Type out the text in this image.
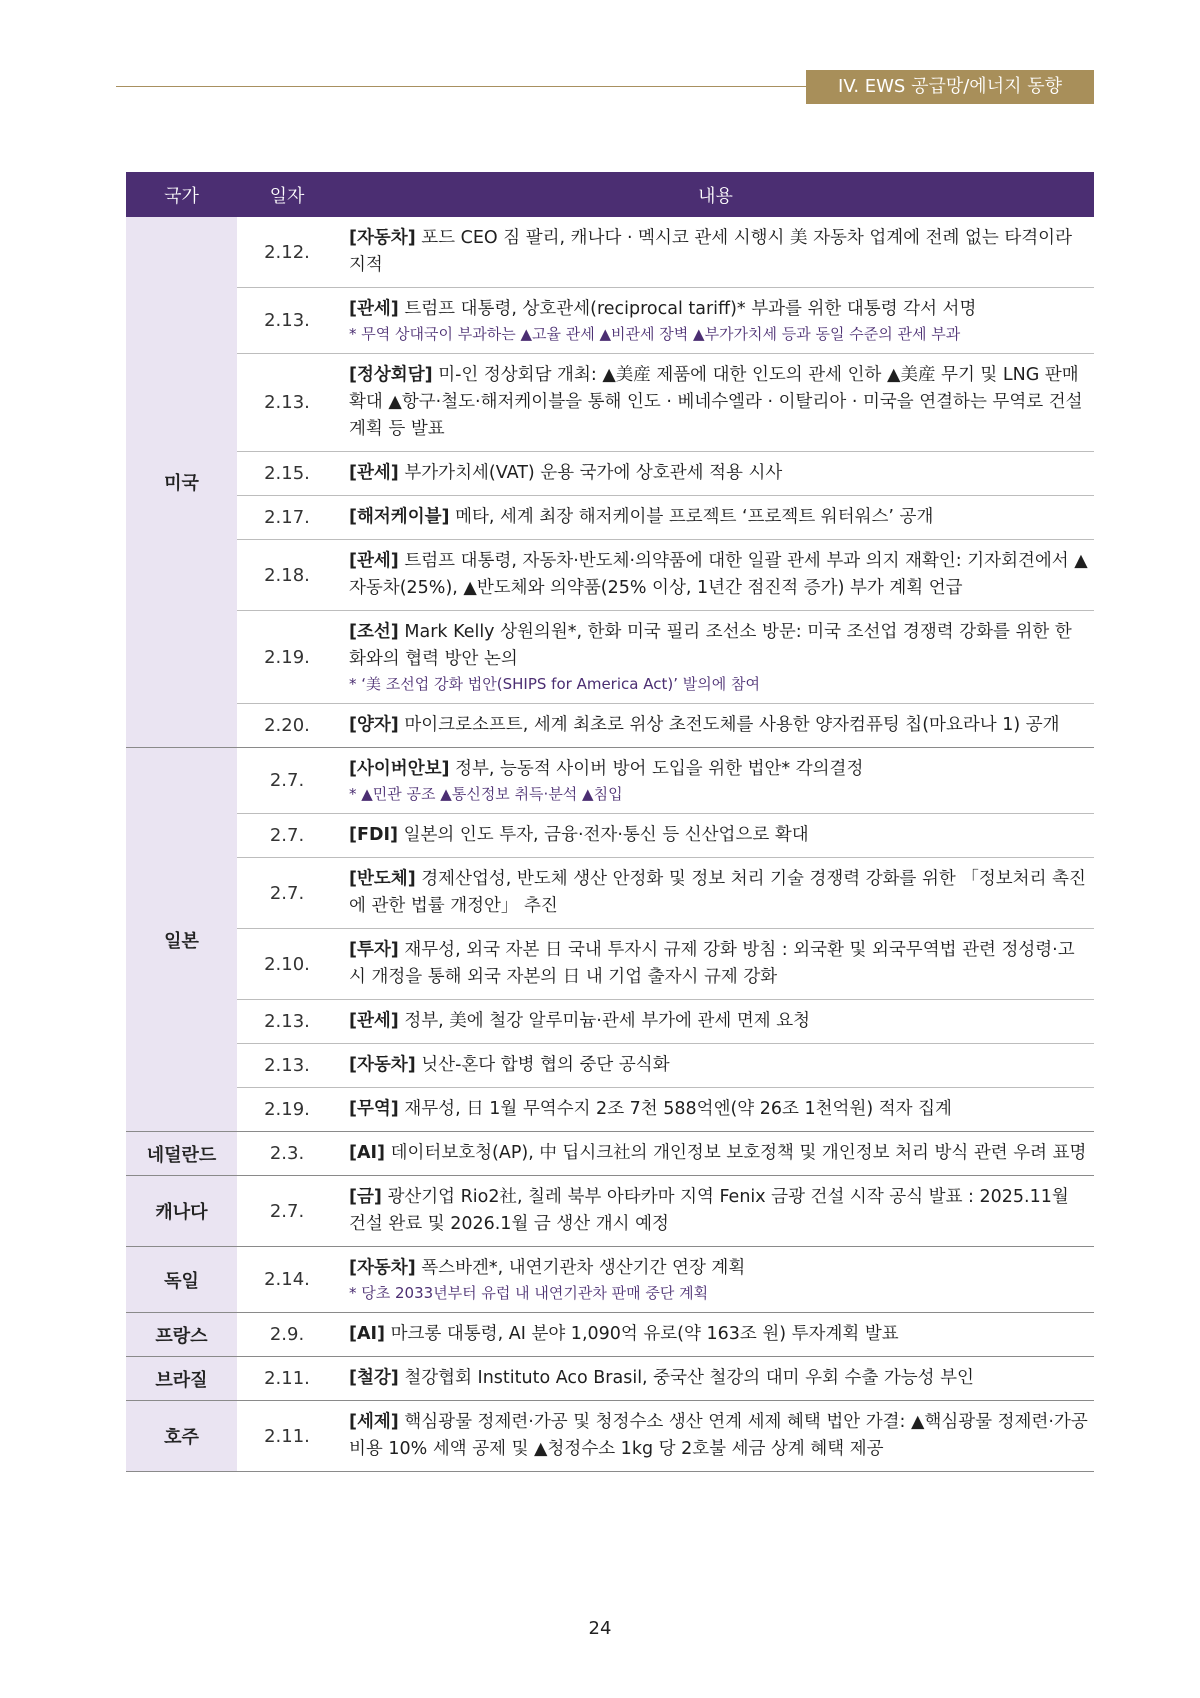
IV. EWS 공급망/에너지 동향
국가	일자	내용
미국	2.12.	[자동차] 포드 CEO 짐 팔리, 캐나다 · 멕시코 관세 시행시 美 자동차 업계에 전례 없는 타격이라 지적

	2.13.	[관세] 트럼프 대통령, 상호관세(reciprocal tariff)* 부과를 위한 대통령 각서 서명
* 무역 상대국이 부과하는 ▲고율 관세 ▲비관세 장벽 ▲부가가치세 등과 동일 수준의 관세 부과

	2.13.	[정상회담] 미-인 정상회담 개최: ▲美産 제품에 대한 인도의 관세 인하 ▲美産 무기 및 LNG 판매 확대 ▲항구·철도·해저케이블을 통해 인도 · 베네수엘라 · 이탈리아 · 미국을 연결하는 무역로 건설 계획 등 발표

	2.15.	[관세] 부가가치세(VAT) 운용 국가에 상호관세 적용 시사

	2.17.	[해저케이블] 메타, 세계 최장 해저케이블 프로젝트 ‘프로젝트 워터워스’ 공개

	2.18.	[관세] 트럼프 대통령, 자동차·반도체·의약품에 대한 일괄 관세 부과 의지 재확인: 기자회견에서 ▲자동차(25%), ▲반도체와 의약품(25% 이상, 1년간 점진적 증가) 부가 계획 언급

	2.19.	[조선] Mark Kelly 상원의원*, 한화 미국 필리 조선소 방문: 미국 조선업 경쟁력 강화를 위한 한화와의 협력 방안 논의
* ‘美 조선업 강화 법안(SHIPS for America Act)’ 발의에 참여

	2.20.	[양자] 마이크로소프트, 세계 최초로 위상 초전도체를 사용한 양자컴퓨팅 칩(마요라나 1) 공개

일본	2.7.	[사이버안보] 정부, 능동적 사이버 방어 도입을 위한 법안* 각의결정
* ▲민관 공조 ▲통신정보 취득·분석 ▲침입

	2.7.	[FDI] 일본의 인도 투자, 금융·전자·통신 등 신산업으로 확대

	2.7.	[반도체] 경제산업성, 반도체 생산 안정화 및 정보 처리 기술 경쟁력 강화를 위한 「정보처리 촉진에 관한 법률 개정안」 추진

	2.10.	[투자] 재무성, 외국 자본 日 국내 투자시 규제 강화 방침 : 외국환 및 외국무역법 관련 정성령·고시 개정을 통해 외국 자본의 日 내 기업 출자시 규제 강화

	2.13.	[관세] 정부, 美에 철강 알루미늄·관세 부가에 관세 면제 요청

	2.13.	[자동차] 닛산-혼다 합병 협의 중단 공식화

	2.19.	[무역] 재무성, 日 1월 무역수지 2조 7천 588억엔(약 26조 1천억원) 적자 집계

네덜란드	2.3.	[AI] 데이터보호청(AP), 中 딥시크社의 개인정보 보호정책 및 개인정보 처리 방식 관련 우려 표명

캐나다	2.7.	[금] 광산기업 Rio2社, 칠레 북부 아타카마 지역 Fenix 금광 건설 시작 공식 발표 : 2025.11월 건설 완료 및 2026.1월 금 생산 개시 예정

독일	2.14.	[자동차] 폭스바겐*, 내연기관차 생산기간 연장 계획
* 당초 2033년부터 유럽 내 내연기관차 판매 중단 계획

프랑스	2.9.	[AI] 마크롱 대통령, AI 분야 1,090억 유로(약 163조 원) 투자계획 발표

브라질	2.11.	[철강] 철강협회 Instituto Aco Brasil, 중국산 철강의 대미 우회 수출 가능성 부인

호주	2.11.	[세제] 핵심광물 정제련·가공 및 청정수소 생산 연계 세제 혜택 법안 가결: ▲핵심광물 정제련·가공 비용 10% 세액 공제 및 ▲청정수소 1kg 당 2호불 세금 상계 혜택 제공
24
